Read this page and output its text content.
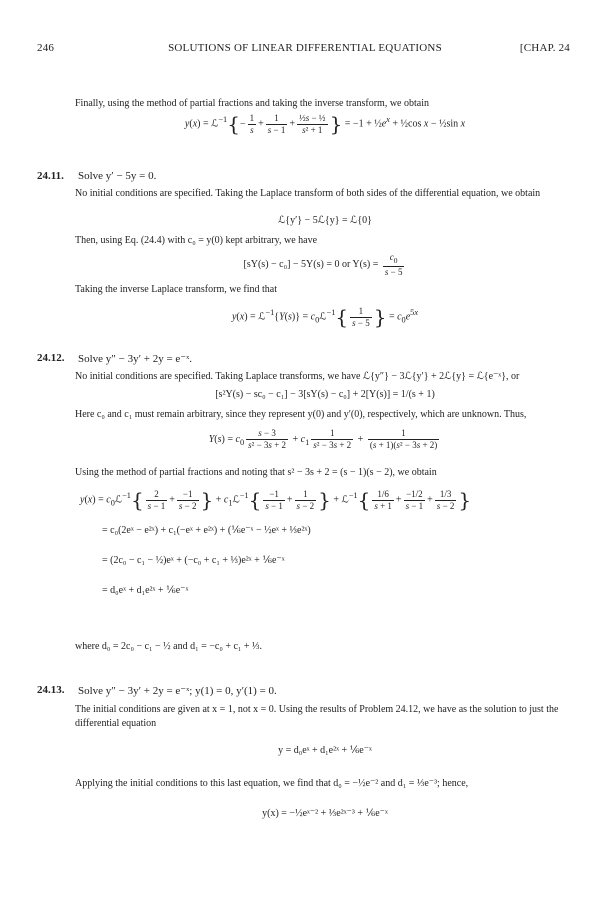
246	SOLUTIONS OF LINEAR DIFFERENTIAL EQUATIONS	[CHAP. 24
Finally, using the method of partial fractions and taking the inverse transform, we obtain
y(x) = ℒ$^{-1}${− $\frac{1}{s} + \frac{1}{s - 1} + \frac{\text{½s − ½}}{\text{s² + 1}}$ } = $-1 + \frac{1}{2}e^x$ + ½cos x − ½sin x
24.11. Solve y′ − 5y = 0.
No initial conditions are specified. Taking the Laplace transform of both sides of the differential equation, we obtain
ℒ{y′} − 5ℒ{y} = ℒ{0}
Then, using Eq. (24.4) with c₀ = y(0) kept arbitrary, we have
[sY(s) − c₀] − 5Y(s) = 0 or $Y(s) = \frac{c_0}{s - 5}$
Taking the inverse Laplace transform, we find that
y(x) = ℒ$^{-1}${Y(s)} = $c_0ℒ^{-1}\{ \frac{1}{s - 5}$ } = $c_0e^{5x}$
24.12. Solve y″ − 3y′ + 2y = e⁻ˣ.
No initial conditions are specified. Taking Laplace transforms, we have ℒ{y″} − 3ℒ{y′} + 2ℒ{y} = ℒ{e⁻ˣ}, or
[s²Y(s) − sc₀ − c₁] − 3[sY(s) − c₀] + 2[Y(s)] = 1/(s + 1)
Here c₀ and c₁ must remain arbitrary, since they represent y(0) and y′(0), respectively, which are unknown. Thus,
$Y(s) = c_0 \frac{s - 3}{\text{s² − 3s + 2}} + c_1 \frac{1}{\text{s² − 3s + 2}} + \frac{1}{\text{(s + 1)(s² − 3s + 2)}}$
Using the method of partial fractions and noting that s² − 3s + 2 = (s − 1)(s − 2), we obtain
$y(x) = c_0ℒ^{-1}\{ \frac{2}{s - 1} + \frac{-1}{s - 2}$ } + $c_1ℒ^{-1}\{ \frac{-1}{s - 1} + \frac{1}{s - 2}$ } + ℒ$^{-1}${ $\frac{1/6}{s + 1} + \frac{-1/2}{s - 1} + \frac{1/3}{s - 2}$ }
= c₀(2eˣ − e²ˣ) + c₁(−eˣ + e²ˣ) + (⅙e⁻ˣ − ½eˣ + ⅓e²ˣ)
= (2c₀ − c₁ − ½)eˣ + (−c₀ + c₁ + ⅓)e²ˣ + ⅙e⁻ˣ
= d₀eˣ + d₁e²ˣ + ⅙e⁻ˣ
where d₀ = 2c₀ − c₁ − ½ and d₁ = −c₀ + c₁ + ⅓.
24.13. Solve y″ − 3y′ + 2y = e⁻ˣ; y(1) = 0, y′(1) = 0.
The initial conditions are given at x = 1, not x = 0. Using the results of Problem 24.12, we have as the solution to just the differential equation
y = d₀eˣ + d₁e²ˣ + ⅙e⁻ˣ
Applying the initial conditions to this last equation, we find that d₀ = −½e⁻² and d₁ = ⅓e⁻³; hence,
y(x) = −½eˣ⁻² + ⅓e²ˣ⁻³ + ⅙e⁻ˣ
